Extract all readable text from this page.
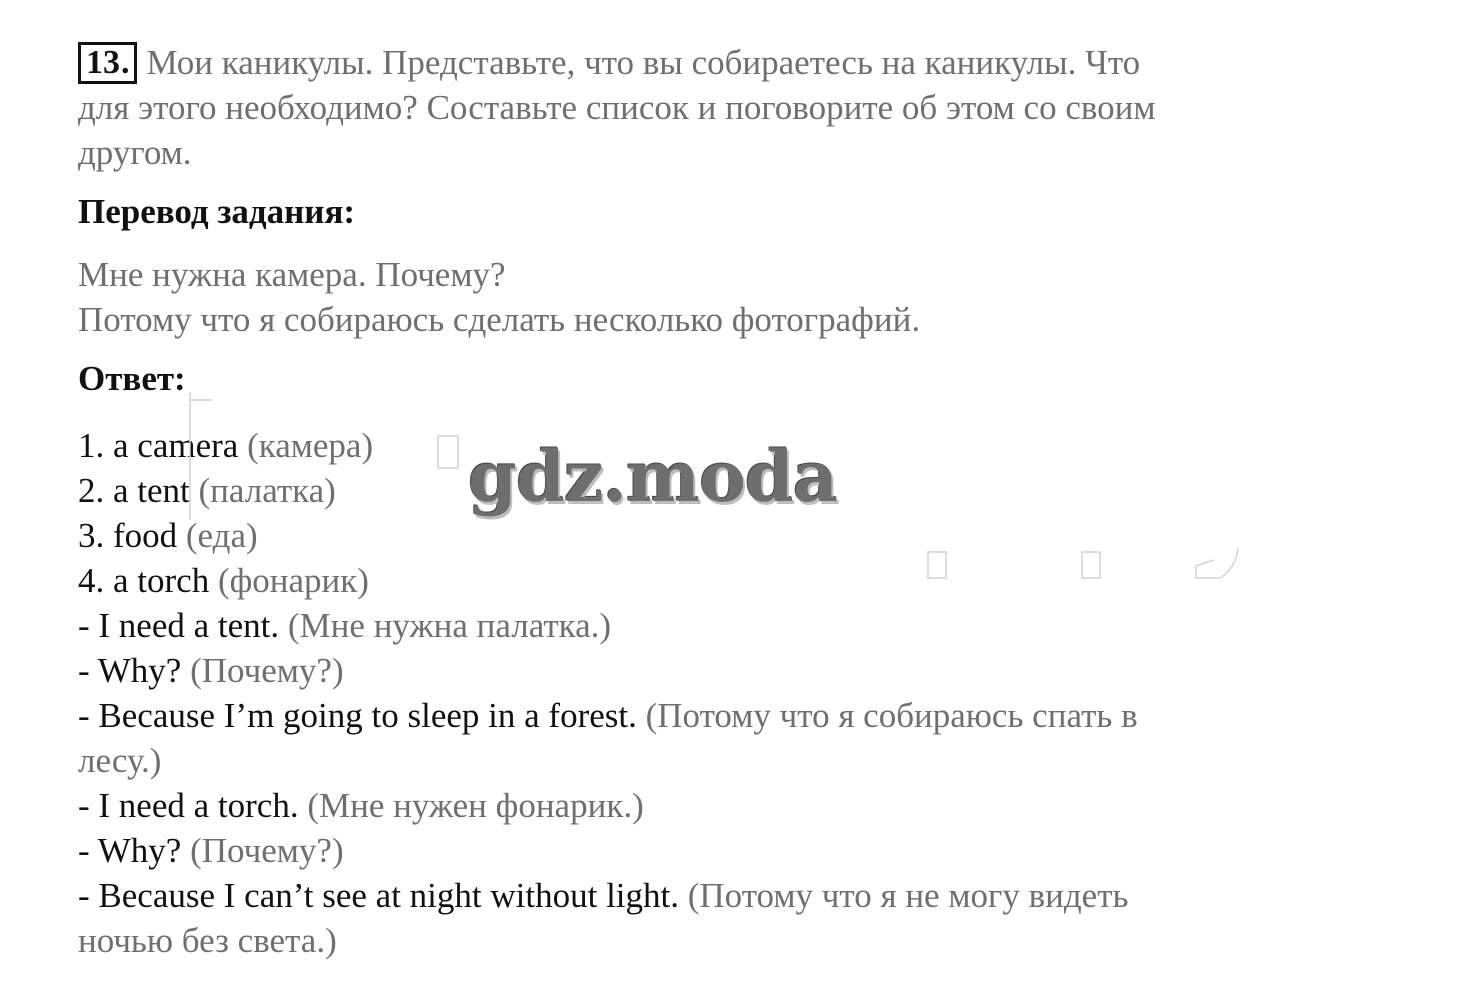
13. Мои каникулы. Представьте, что вы собираетесь на каникулы. Что
для этого необходимо? Составьте список и поговорите об этом со своим
другом.
Перевод задания:
Мне нужна камера. Почему?
Потому что я собираюсь сделать несколько фотографий.
Ответ:
1. a camera (камера)
2. a tent (палатка)
3. food (еда)
4. a torch (фонарик)
- I need a tent. (Мне нужна палатка.)
- Why? (Почему?)
- Because I’m going to sleep in a forest. (Потому что я собираюсь спать в
лесу.)
- I need a torch. (Мне нужен фонарик.)
- Why? (Почему?)
- Because I can’t see at night without light. (Потому что я не могу видеть
ночью без света.)
gdz.moda
